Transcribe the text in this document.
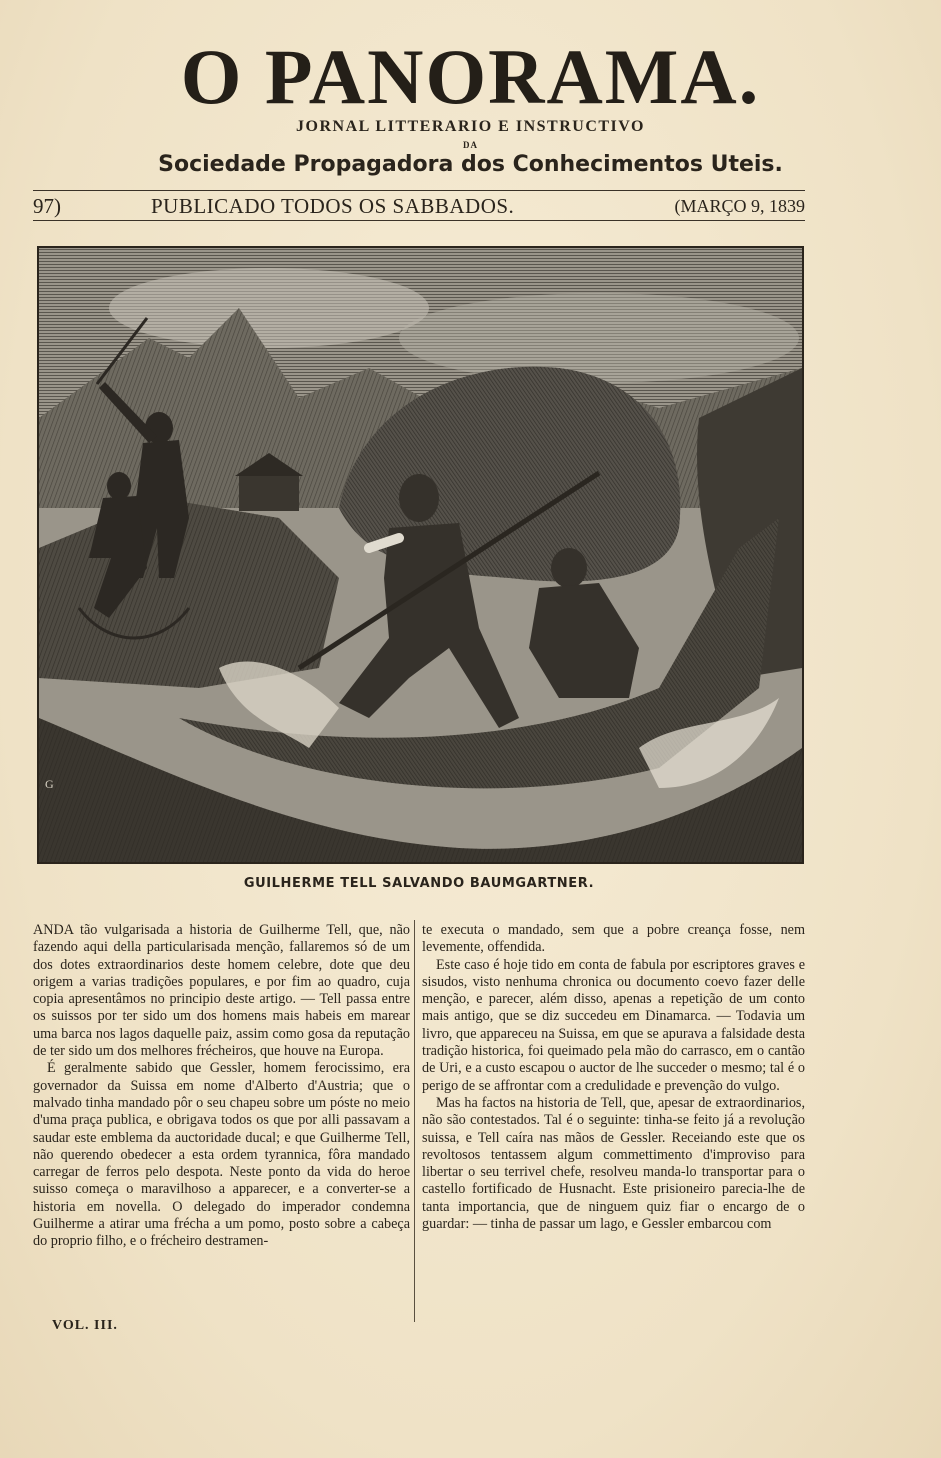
O PANORAMA.
JORNAL LITTERARIO E INSTRUCTIVO
DA
Sociedade Propagadora dos Conhecimentos Uteis.
97)	PUBLICADO TODOS OS SABBADOS.	(MARÇO 9, 1839
G
GUILHERME TELL SALVANDO BAUMGARTNER.

ANDA tão vulgarisada a historia de Guilherme Tell, que, não fazendo aqui della particularisada menção, fallaremos só de um dos dotes extraordinarios deste homem celebre, dote que deu origem a varias tradições populares, e por fim ao quadro, cuja copia apresentâmos no principio deste artigo. — Tell passa entre os suissos por ter sido um dos homens mais habeis em marear uma barca nos lagos daquelle paiz, assim como gosa da reputação de ter sido um dos melhores frécheiros, que houve na Europa.

É geralmente sabido que Gessler, homem ferocissimo, era governador da Suissa em nome d'Alberto d'Austria; que o malvado tinha mandado pôr o seu chapeu sobre um póste no meio d'uma praça publica, e obrigava todos os que por alli passavam a saudar este emblema da auctoridade ducal; e que Guilherme Tell, não querendo obedecer a esta ordem tyrannica, fôra mandado carregar de ferros pelo despota. Neste ponto da vida do heroe suisso começa o maravilhoso a apparecer, e a converter-se a historia em novella. O delegado do imperador condemna Guilherme a atirar uma frécha a um pomo, posto sobre a cabeça do proprio filho, e o frécheiro destramen-

te executa o mandado, sem que a pobre creança fosse, nem levemente, offendida.

Este caso é hoje tido em conta de fabula por escriptores graves e sisudos, visto nenhuma chronica ou documento coevo fazer delle menção, e parecer, além disso, apenas a repetição de um conto mais antigo, que se diz succedeu em Dinamarca. — Todavia um livro, que appareceu na Suissa, em que se apurava a falsidade desta tradição historica, foi queimado pela mão do carrasco, em o cantão de Uri, e a custo escapou o auctor de lhe succeder o mesmo; tal é o perigo de se affrontar com a credulidade e prevenção do vulgo.

Mas ha factos na historia de Tell, que, apesar de extraordinarios, não são contestados. Tal é o seguinte: tinha-se feito já a revolução suissa, e Tell caíra nas mãos de Gessler. Receiando este que os revoltosos tentassem algum commettimento d'improviso para libertar o seu terrivel chefe, resolveu manda-lo transportar para o castello fortificado de Husnacht. Este prisioneiro parecia-lhe de tanta importancia, que de ninguem quiz fiar o encargo de o guardar: — tinha de passar um lago, e Gessler embarcou com

VOL. III.
